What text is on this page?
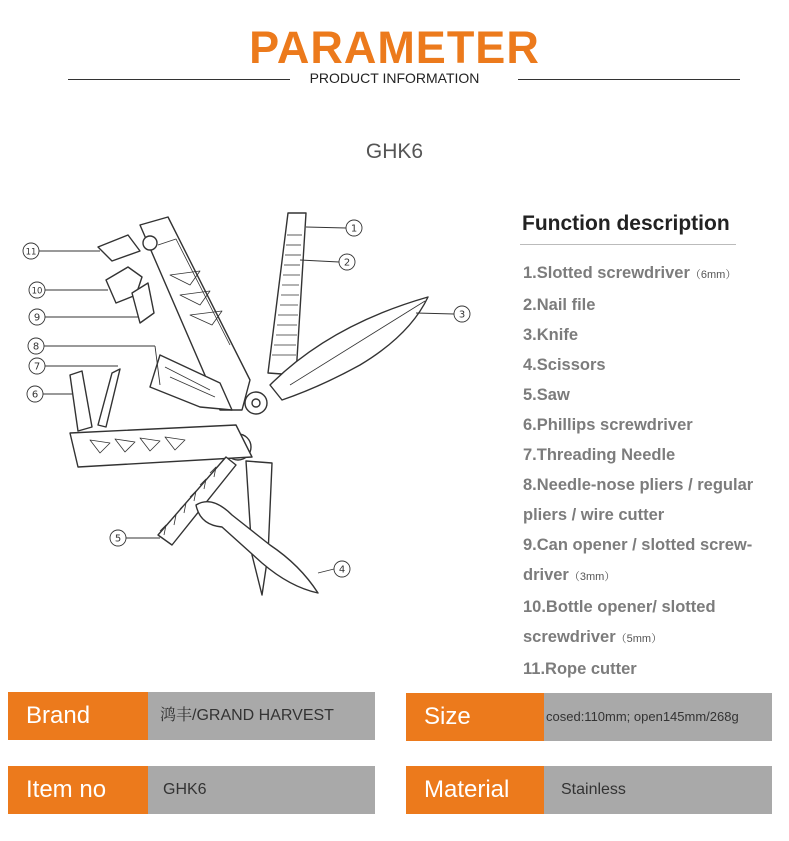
PARAMETER
PRODUCT INFORMATION
GHK6
1
2
3
4
5
6
7
8
9
10
11
Function description
1.Slotted screwdriver（6mm）
2.Nail file
3.Knife
4.Scissors
5.Saw
6.Phillips screwdriver
7.Threading Needle
8.Needle-nose pliers / regular
pliers / wire cutter
9.Can opener / slotted screw-
driver（3mm）
10.Bottle opener/ slotted
screwdriver（5mm）
11.Rope cutter
Brand	鸿丰/GRAND HARVEST	Size	cosed:110mm; open145mm/268g
Item no	GHK6	Material	Stainless
